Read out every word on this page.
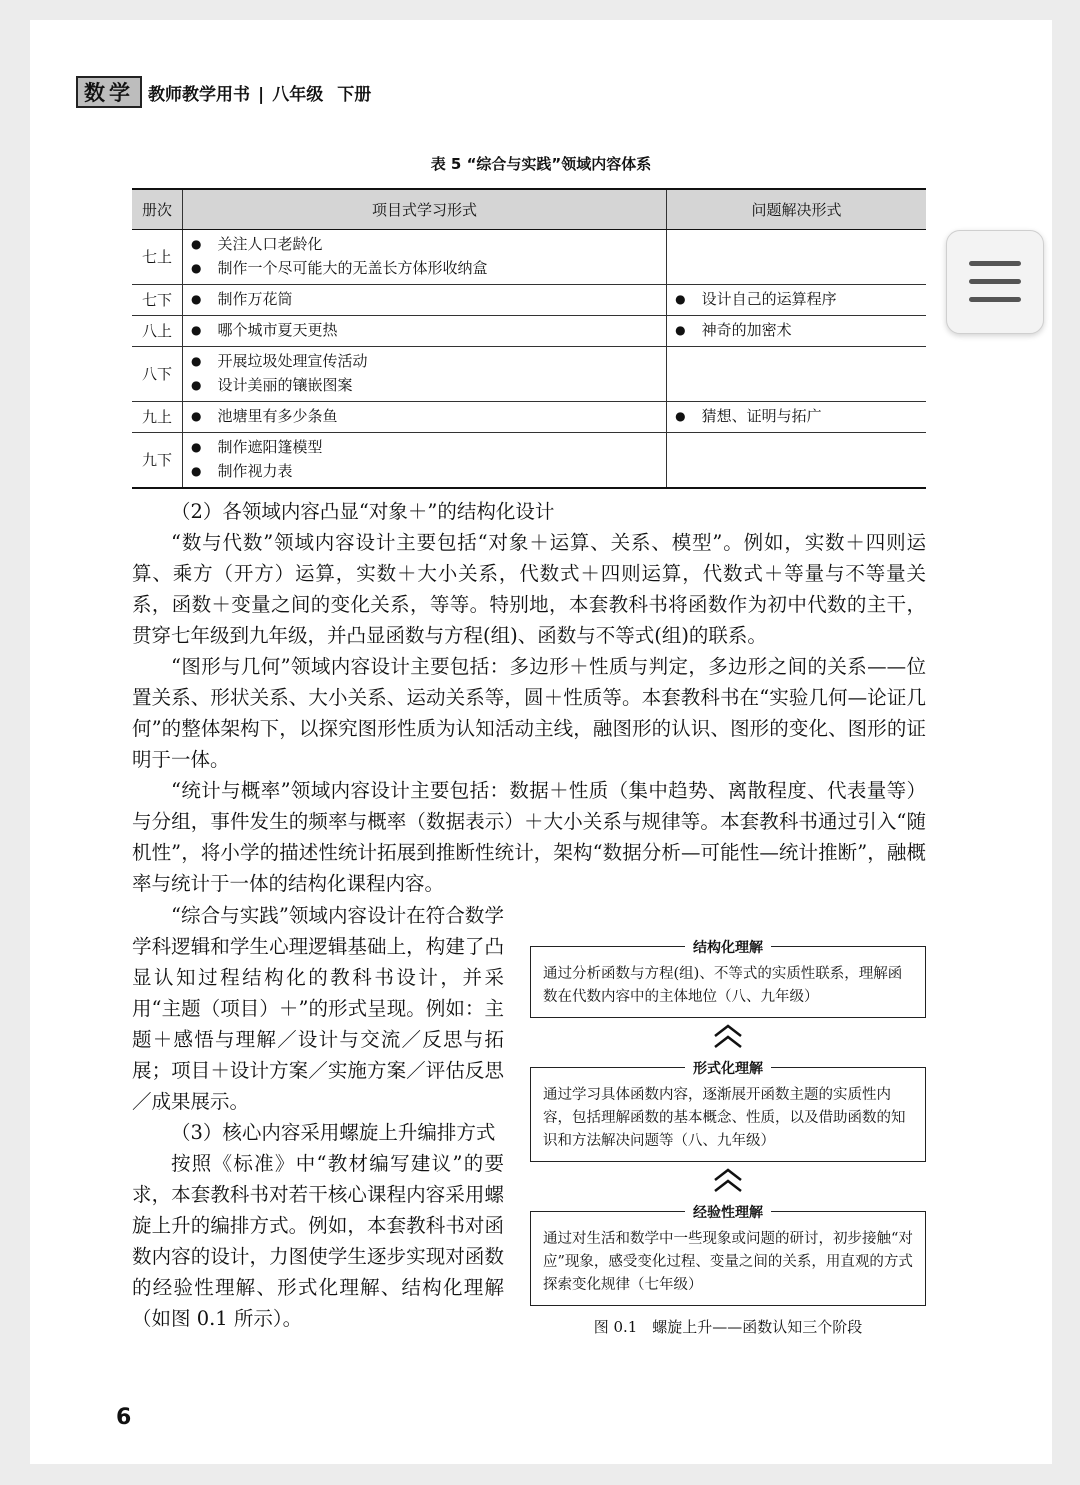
数学 教师教学用书 | 八年级 下册
表 5 “综合与实践”领域内容体系
册次	项目式学习形式	问题解决形式
七上	● 关注人口老龄化
● 制作一个尽可能大的无盖长方体形收纳盒

七下	● 制作万花筒	● 设计自己的运算程序

八上	● 哪个城市夏天更热	● 神奇的加密术

八下	● 开展垃圾处理宣传活动
● 设计美丽的镶嵌图案

九上	● 池塘里有多少条鱼	● 猜想、证明与拓广

九下	● 制作遮阳篷模型
● 制作视力表

（2）各领域内容凸显“对象＋”的结构化设计

“数与代数”领域内容设计主要包括“对象＋运算、关系、模型”。例如，实数＋四则运算、乘方（开方）运算，实数＋大小关系，代数式＋四则运算，代数式＋等量与不等量关系，函数＋变量之间的变化关系，等等。特别地，本套教科书将函数作为初中代数的主干，贯穿七年级到九年级，并凸显函数与方程(组)、函数与不等式(组)的联系。

“图形与几何”领域内容设计主要包括：多边形＋性质与判定，多边形之间的关系——位置关系、形状关系、大小关系、运动关系等，圆＋性质等。本套教科书在“实验几何—论证几何”的整体架构下，以探究图形性质为认知活动主线，融图形的认识、图形的变化、图形的证明于一体。

“统计与概率”领域内容设计主要包括：数据＋性质（集中趋势、离散程度、代表量等）与分组，事件发生的频率与概率（数据表示）＋大小关系与规律等。本套教科书通过引入“随机性”，将小学的描述性统计拓展到推断性统计，架构“数据分析—可能性—统计推断”，融概率与统计于一体的结构化课程内容。

“综合与实践”领域内容设计在符合数学学科逻辑和学生心理逻辑基础上，构建了凸显认知过程结构化的教科书设计，并采用“主题（项目）＋”的形式呈现。例如：主题＋感悟与理解／设计与交流／反思与拓展；项目＋设计方案／实施方案／评估反思／成果展示。

（3）核心内容采用螺旋上升编排方式

按照《标准》中“教材编写建议”的要求，本套教科书对若干核心课程内容采用螺旋上升的编排方式。例如，本套教科书对函数内容的设计，力图使学生逐步实现对函数的经验性理解、形式化理解、结构化理解（如图 0.1 所示）。

结构化理解
通过分析函数与方程(组)、不等式的实质性联系，理解函数在代数内容中的主体地位（八、九年级）
形式化理解
通过学习具体函数内容，逐渐展开函数主题的实质性内容，包括理解函数的基本概念、性质，以及借助函数的知识和方法解决问题等（八、九年级）
经验性理解
通过对生活和数学中一些现象或问题的研讨，初步接触“对应”现象，感受变化过程、变量之间的关系，用直观的方式探索变化规律（七年级）
图 0.1　螺旋上升——函数认知三个阶段
6
